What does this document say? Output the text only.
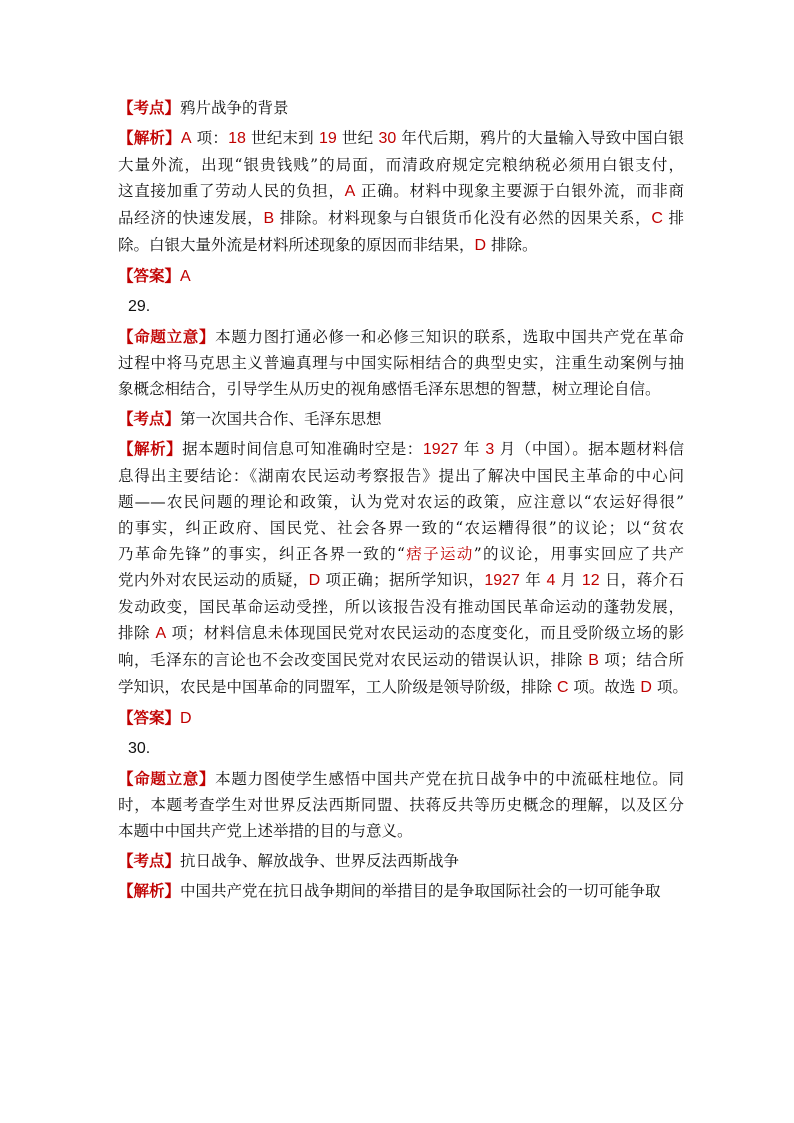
【考点】鸦片战争的背景
【解析】A 项：18 世纪末到 19 世纪 30 年代后期，鸦片的大量输入导致中国白银
大量外流，出现“银贵钱贱”的局面，而清政府规定完粮纳税必须用白银支付，
这直接加重了劳动人民的负担，A 正确。材料中现象主要源于白银外流，而非商
品经济的快速发展，B 排除。材料现象与白银货币化没有必然的因果关系，C 排
除。白银大量外流是材料所述现象的原因而非结果，D 排除。
【答案】A
29.
【命题立意】本题力图打通必修一和必修三知识的联系，选取中国共产党在革命
过程中将马克思主义普遍真理与中国实际相结合的典型史实，注重生动案例与抽
象概念相结合，引导学生从历史的视角感悟毛泽东思想的智慧，树立理论自信。
【考点】第一次国共合作、毛泽东思想
【解析】据本题时间信息可知准确时空是：1927 年 3 月（中国）。据本题材料信
息得出主要结论：《湖南农民运动考察报告》提出了解决中国民主革命的中心问
题——农民问题的理论和政策，认为党对农运的政策，应注意以“农运好得很”
的事实，纠正政府、国民党、社会各界一致的“农运糟得很”的议论；以“贫农
乃革命先锋”的事实，纠正各界一致的“痞子运动”的议论，用事实回应了共产
党内外对农民运动的质疑，D 项正确；据所学知识，1927 年 4 月 12 日，蒋介石
发动政变，国民革命运动受挫，所以该报告没有推动国民革命运动的蓬勃发展，
排除 A 项；材料信息未体现国民党对农民运动的态度变化，而且受阶级立场的影
响，毛泽东的言论也不会改变国民党对农民运动的错误认识，排除 B 项；结合所
学知识，农民是中国革命的同盟军，工人阶级是领导阶级，排除 C 项。故选 D 项。
【答案】D
30.
【命题立意】本题力图使学生感悟中国共产党在抗日战争中的中流砥柱地位。同
时，本题考查学生对世界反法西斯同盟、扶蒋反共等历史概念的理解，以及区分
本题中中国共产党上述举措的目的与意义。
【考点】抗日战争、解放战争、世界反法西斯战争
【解析】中国共产党在抗日战争期间的举措目的是争取国际社会的一切可能争取
